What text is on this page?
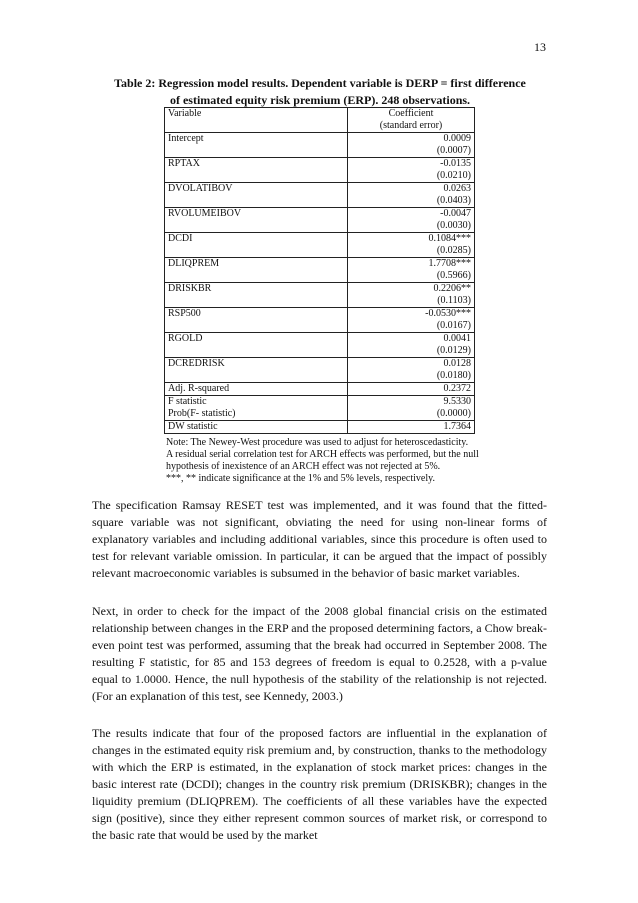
13
Table 2: Regression model results. Dependent variable is DERP = first difference
of estimated equity risk premium (ERP). 248 observations.
Variable	Coefficient
(standard error)

Intercept	0.0009
(0.0007)

RPTAX	-0.0135
(0.0210)

DVOLATIBOV	0.0263
(0.0403)

RVOLUMEIBOV	-0.0047
(0.0030)

DCDI	0.1084***
(0.0285)

DLIQPREM	1.7708***
(0.5966)

DRISKBR	0.2206**
(0.1103)

RSP500	-0.0530***
(0.0167)

RGOLD	0.0041
(0.0129)

DCREDRISK	0.0128
(0.0180)

Adj. R-squared	0.2372

F statistic
Prob(F- statistic)	9.5330
(0.0000)

DW statistic	1.7364
Note: The Newey-West procedure was used to adjust for heteroscedasticity.
A residual serial correlation test for ARCH effects was performed, but the null
hypothesis of inexistence of an ARCH effect was not rejected at 5%.
***, ** indicate significance at the 1% and 5% levels, respectively.

The specification Ramsay RESET test was implemented, and it was found that the fitted-square variable was not significant, obviating the need for using non-linear forms of explanatory variables and including additional variables, since this procedure is often used to test for relevant variable omission. In particular, it can be argued that the impact of possibly relevant macroeconomic variables is subsumed in the behavior of basic market variables.

Next, in order to check for the impact of the 2008 global financial crisis on the estimated relationship between changes in the ERP and the proposed determining factors, a Chow break-even point test was performed, assuming that the break had occurred in September 2008. The resulting F statistic, for 85 and 153 degrees of freedom is equal to 0.2528, with a p-value equal to 1.0000. Hence, the null hypothesis of the stability of the relationship is not rejected. (For an explanation of this test, see Kennedy, 2003.)

The results indicate that four of the proposed factors are influential in the explanation of changes in the estimated equity risk premium and, by construction, thanks to the methodology with which the ERP is estimated, in the explanation of stock market prices: changes in the basic interest rate (DCDI); changes in the country risk premium (DRISKBR); changes in the liquidity premium (DLIQPREM). The coefficients of all these variables have the expected sign (positive), since they either represent common sources of market risk, or correspond to the basic rate that would be used by the market
